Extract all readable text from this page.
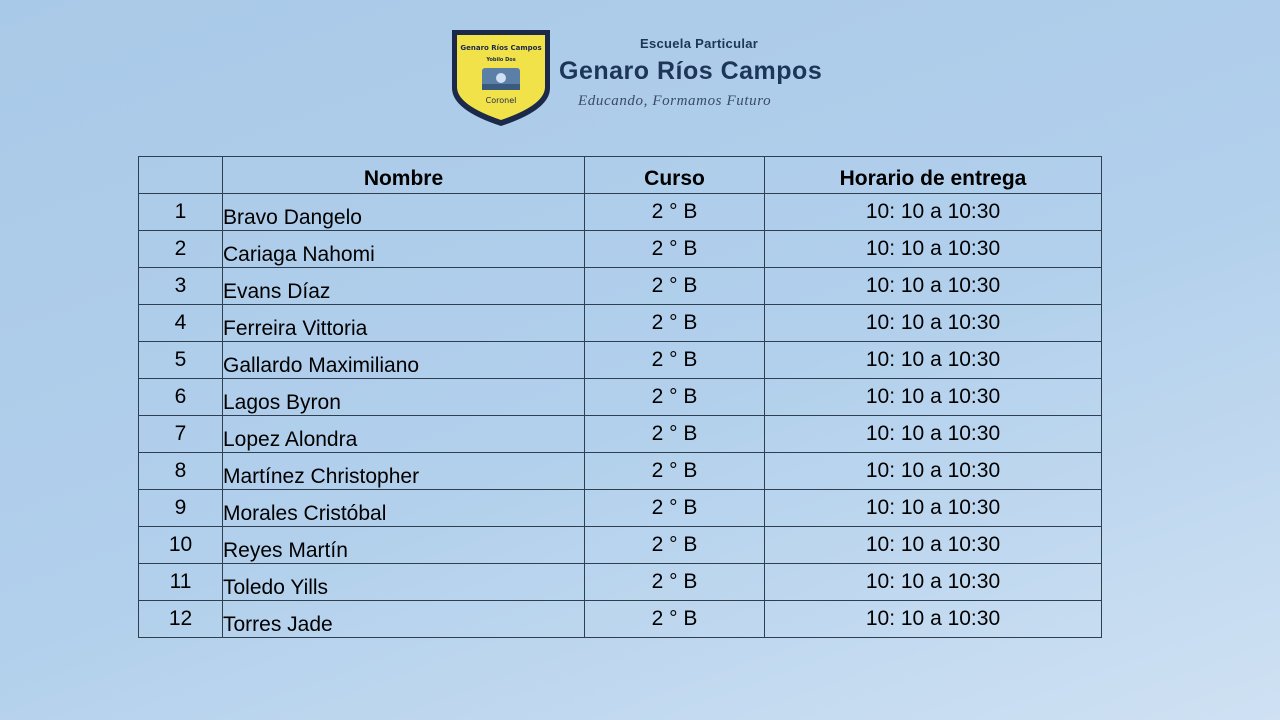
Escuela Particular
Genaro Ríos Campos
Yobilo Dos
Coronel
Escuela Particular
Genaro Ríos Campos
Educando, Formamos Futuro
	Nombre	Curso	Horario de entrega
1	Bravo Dangelo	2 ° B	10: 10 a 10:30
2	Cariaga Nahomi	2 ° B	10: 10 a 10:30
3	Evans Díaz	2 ° B	10: 10 a 10:30
4	Ferreira Vittoria	2 ° B	10: 10 a 10:30
5	Gallardo Maximiliano	2 ° B	10: 10 a 10:30
6	Lagos Byron	2 ° B	10: 10 a 10:30
7	Lopez Alondra	2 ° B	10: 10 a 10:30
8	Martínez Christopher	2 ° B	10: 10 a 10:30
9	Morales Cristóbal	2 ° B	10: 10 a 10:30
10	Reyes Martín	2 ° B	10: 10 a 10:30
11	Toledo Yills	2 ° B	10: 10 a 10:30
12	Torres Jade	2 ° B	10: 10 a 10:30
